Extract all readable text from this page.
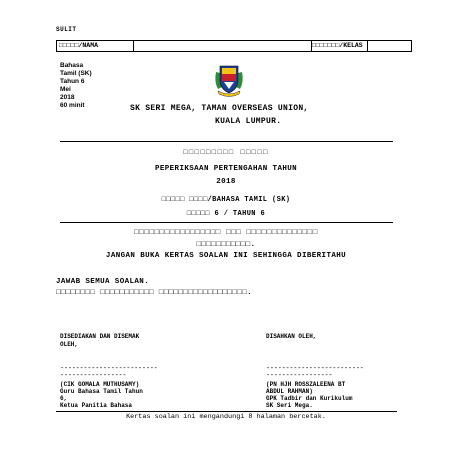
SULIT
□□□□□/NAMA	□□□□□□□/KELAS
Bahasa
Tamil (SK)
Tahun 6
Mei
2018
60 minit	SK SERI MEGA, TAMAN OVERSEAS UNION,
KUALA LUMPUR.
□□□□□□□□□ □□□□□
PEPERIKSAAN PERTENGAHAN TAHUN
2018
□□□□□ □□□□/BAHASA TAMIL (SK)
□□□□□ 6 / TAHUN 6
□□□□□□□□□□□□□□□□□ □□□ □□□□□□□□□□□□□□
□□□□□□□□□□□.
JANGAN BUKA KERTAS SOALAN INI SEHINGGA DIBERITAHU
JAWAB SEMUA SOALAN.
□□□□□□□□ □□□□□□□□□□□ □□□□□□□□□□□□□□□□□□.
DISEDIAKAN DAN DISEMAK
OLEH,
DISAHKAN OLEH,
-------------------------
-----------------
(CIK GOMALA MUTHUSAMY)
Guru Bahasa Tamil Tahun
6,
Ketua Panitia Bahasa
-------------------------
-----------------
(PN HJH ROSSZALEENA BT
ABDUL RAHMAN)
GPK Tadbir dan Kurikulum
SK Seri Mega.
Kertas soalan ini mengandungi 8 halaman bercetak.
